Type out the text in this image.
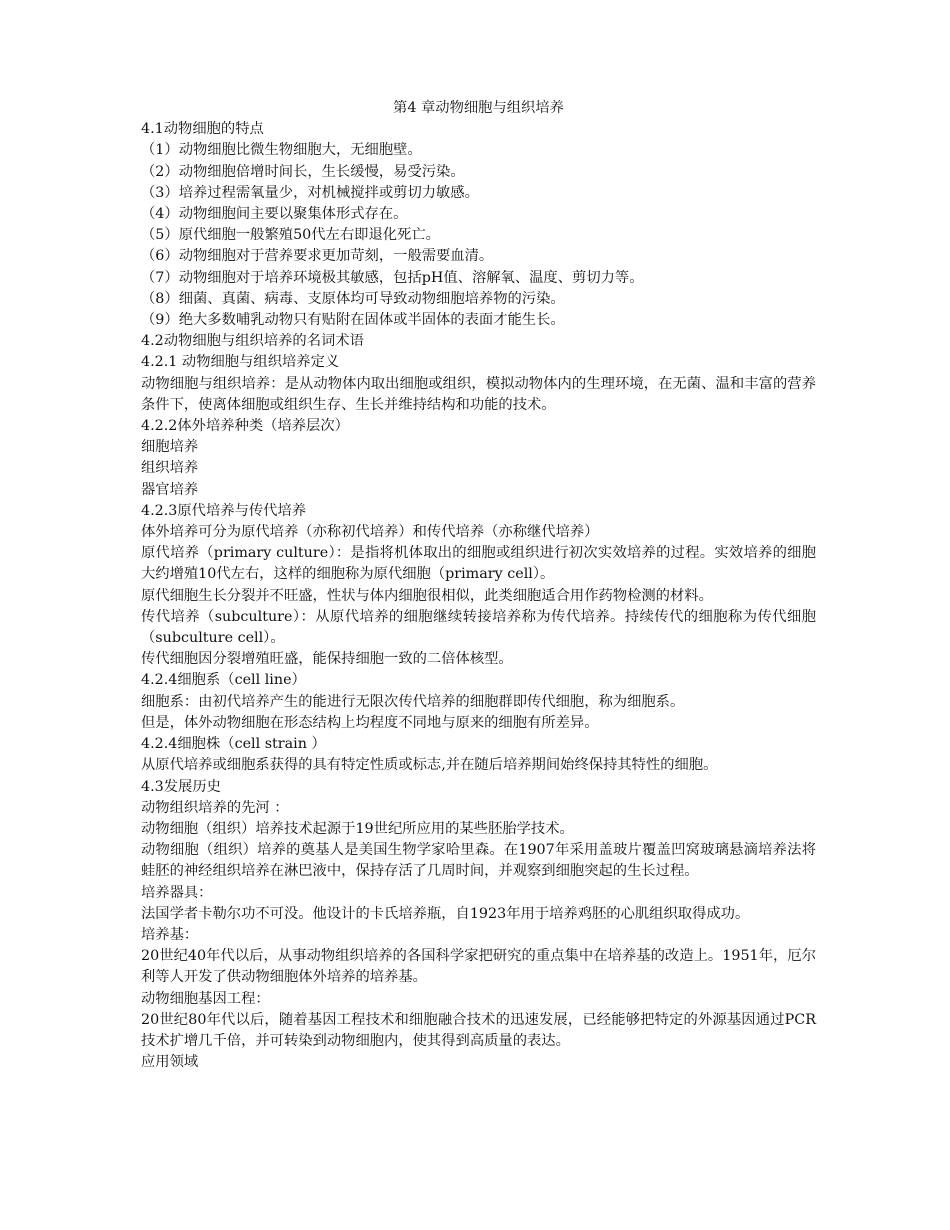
第4 章动物细胞与组织培养

4.1动物细胞的特点

（1）动物细胞比微生物细胞大，无细胞壁。

（2）动物细胞倍增时间长，生长缓慢，易受污染。

（3）培养过程需氧量少，对机械搅拌或剪切力敏感。

（4）动物细胞间主要以聚集体形式存在。

（5）原代细胞一般繁殖50代左右即退化死亡。

（6）动物细胞对于营养要求更加苛刻，一般需要血清。

（7）动物细胞对于培养环境极其敏感，包括pH值、溶解氧、温度、剪切力等。

（8）细菌、真菌、病毒、支原体均可导致动物细胞培养物的污染。

（9）绝大多数哺乳动物只有贴附在固体或半固体的表面才能生长。

4.2动物细胞与组织培养的名词术语

4.2.1 动物细胞与组织培养定义

动物细胞与组织培养：是从动物体内取出细胞或组织，模拟动物体内的生理环境，在无菌、温和丰富的营养条件下，使离体细胞或组织生存、生长并维持结构和功能的技术。

4.2.2体外培养种类（培养层次）

细胞培养

组织培养

器官培养

4.2.3原代培养与传代培养

体外培养可分为原代培养（亦称初代培养）和传代培养（亦称继代培养）

原代培养（primary culture）：是指将机体取出的细胞或组织进行初次实效培养的过程。实效培养的细胞大约增殖10代左右，这样的细胞称为原代细胞（primary cell）。

原代细胞生长分裂并不旺盛，性状与体内细胞很相似，此类细胞适合用作药物检测的材料。

传代培养（subculture）：从原代培养的细胞继续转接培养称为传代培养。持续传代的细胞称为传代细胞（subculture cell）。

传代细胞因分裂增殖旺盛，能保持细胞一致的二倍体核型。

4.2.4细胞系（cell line）

细胞系：由初代培养产生的能进行无限次传代培养的细胞群即传代细胞，称为细胞系。

但是，体外动物细胞在形态结构上均程度不同地与原来的细胞有所差异。

4.2.4细胞株（cell strain ）

从原代培养或细胞系获得的具有特定性质或标志,并在随后培养期间始终保持其特性的细胞。

4.3发展历史

动物组织培养的先河 ：

动物细胞（组织）培养技术起源于19世纪所应用的某些胚胎学技术。

动物细胞（组织）培养的奠基人是美国生物学家哈里森。在1907年采用盖玻片覆盖凹窝玻璃悬滴培养法将蛙胚的神经组织培养在淋巴液中，保持存活了几周时间，并观察到细胞突起的生长过程。

培养器具：

法国学者卡勒尔功不可没。他设计的卡氏培养瓶，自1923年用于培养鸡胚的心肌组织取得成功。

培养基：

20世纪40年代以后，从事动物组织培养的各国科学家把研究的重点集中在培养基的改造上。1951年，厄尔利等人开发了供动物细胞体外培养的培养基。

动物细胞基因工程：

20世纪80年代以后，随着基因工程技术和细胞融合技术的迅速发展，已经能够把特定的外源基因通过PCR 技术扩增几千倍，并可转染到动物细胞内，使其得到高质量的表达。

应用领域
